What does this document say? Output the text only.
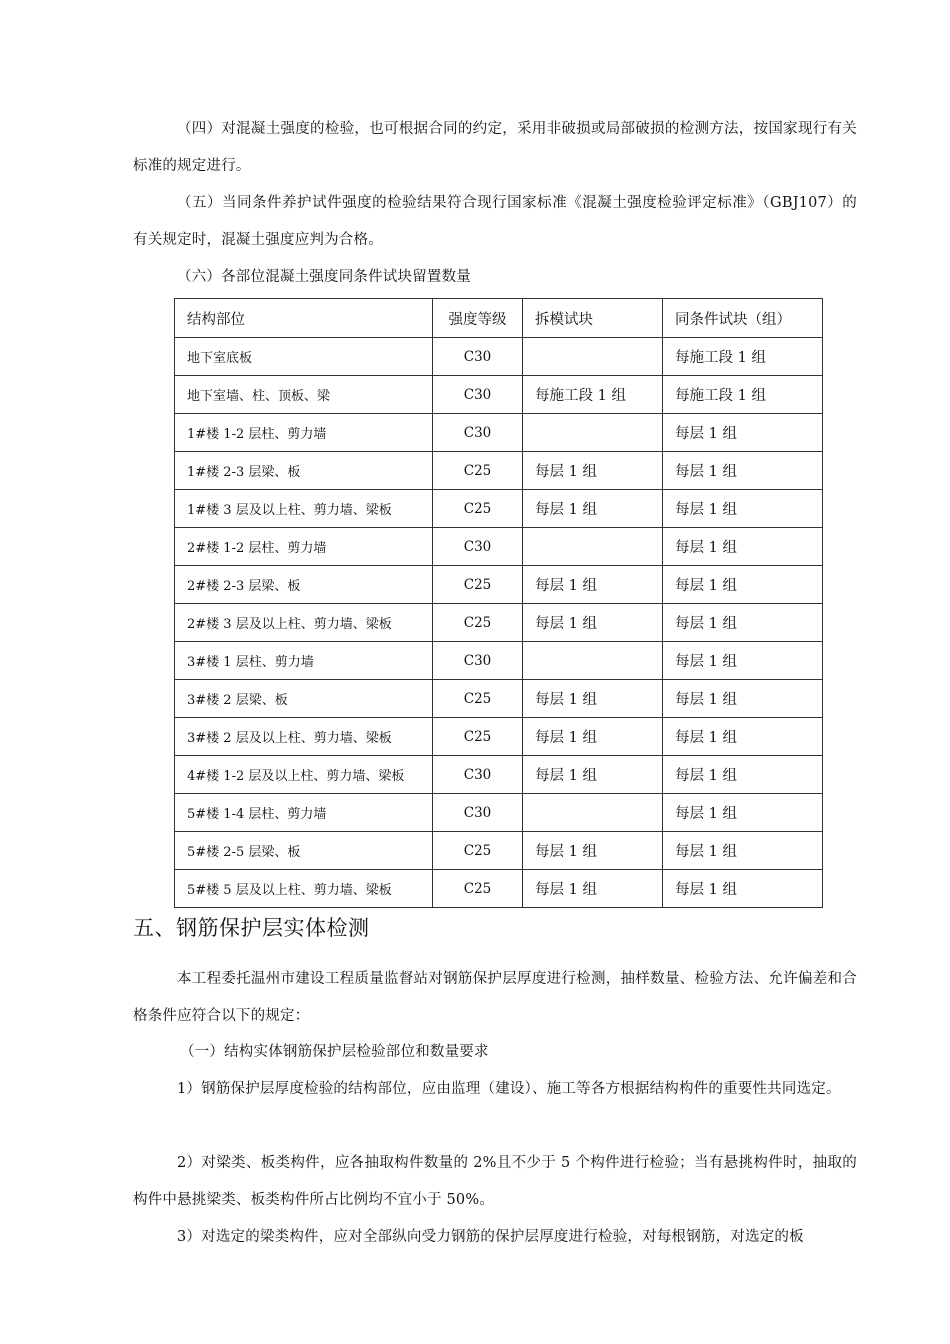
（四）对混凝土强度的检验，也可根据合同的约定，采用非破损或局部破损的检测方法，按国家现行有关标准的规定进行。

（五）当同条件养护试件强度的检验结果符合现行国家标准《混凝土强度检验评定标准》（GBJ107）的有关规定时，混凝土强度应判为合格。

（六）各部位混凝土强度同条件试块留置数量

结构部位	强度等级	拆模试块	同条件试块（组）
地下室底板	C30		每施工段 1 组
地下室墙、柱、顶板、梁	C30	每施工段 1 组	每施工段 1 组
1#楼 1-2 层柱、剪力墙	C30		每层 1 组
1#楼 2-3 层梁、板	C25	每层 1 组	每层 1 组
1#楼 3 层及以上柱、剪力墙、梁板	C25	每层 1 组	每层 1 组
2#楼 1-2 层柱、剪力墙	C30		每层 1 组
2#楼 2-3 层梁、板	C25	每层 1 组	每层 1 组
2#楼 3 层及以上柱、剪力墙、梁板	C25	每层 1 组	每层 1 组
3#楼 1 层柱、剪力墙	C30		每层 1 组
3#楼 2 层梁、板	C25	每层 1 组	每层 1 组
3#楼 2 层及以上柱、剪力墙、梁板	C25	每层 1 组	每层 1 组
4#楼 1-2 层及以上柱、剪力墙、梁板	C30	每层 1 组	每层 1 组
5#楼 1-4 层柱、剪力墙	C30		每层 1 组
5#楼 2-5 层梁、板	C25	每层 1 组	每层 1 组
5#楼 5 层及以上柱、剪力墙、梁板	C25	每层 1 组	每层 1 组
五、钢筋保护层实体检测

本工程委托温州市建设工程质量监督站对钢筋保护层厚度进行检测，抽样数量、检验方法、允许偏差和合格条件应符合以下的规定：

（一）结构实体钢筋保护层检验部位和数量要求

1）钢筋保护层厚度检验的结构部位，应由监理（建设）、施工等各方根据结构构件的重要性共同选定。

2）对梁类、板类构件，应各抽取构件数量的 2%且不少于 5 个构件进行检验；当有悬挑构件时，抽取的构件中悬挑梁类、板类构件所占比例均不宜小于 50%。

3）对选定的梁类构件，应对全部纵向受力钢筋的保护层厚度进行检验，对每根钢筋，对选定的板
